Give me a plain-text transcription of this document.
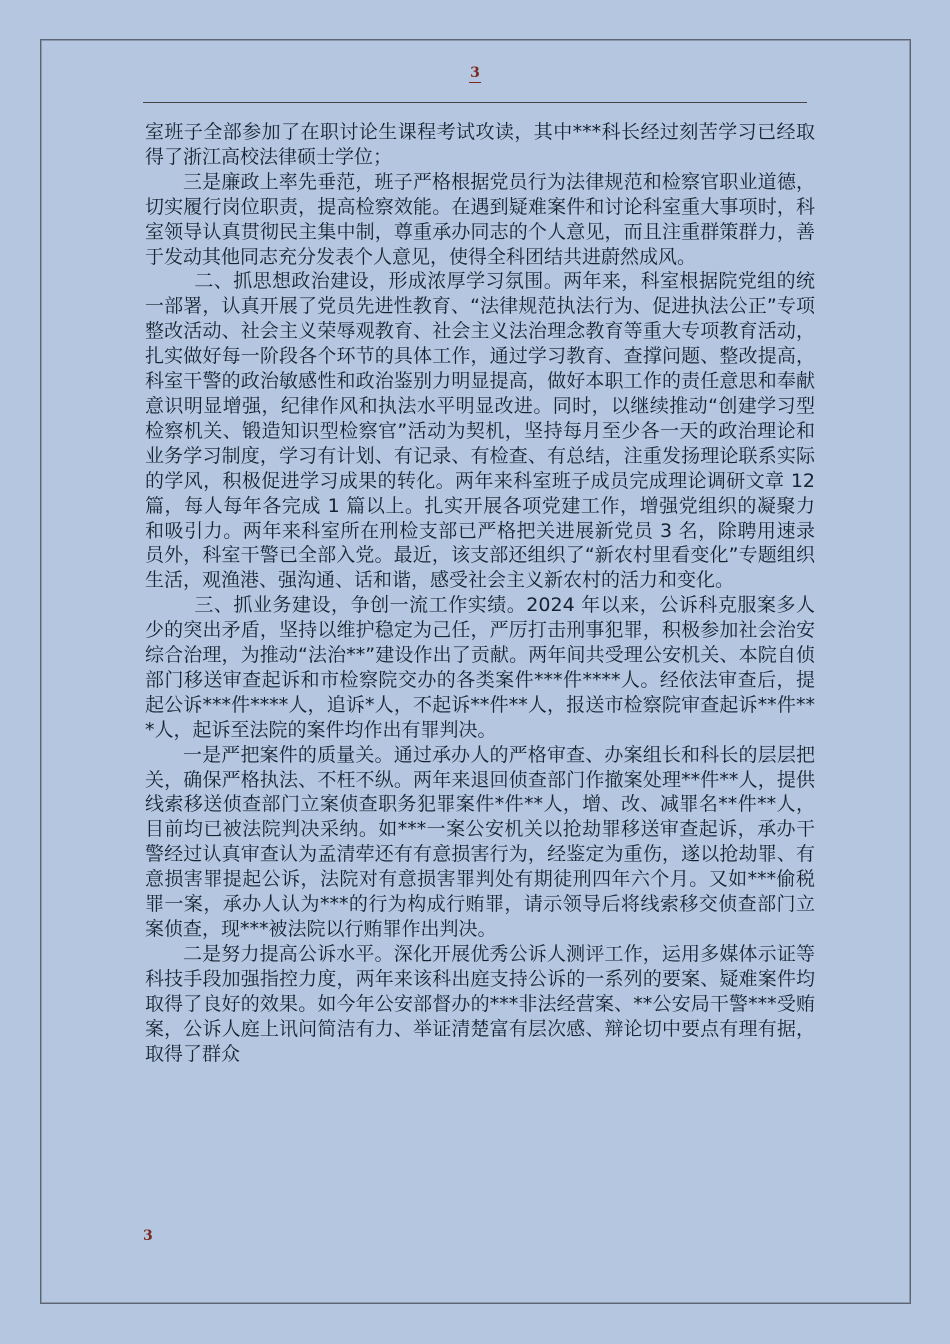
3

室班子全部参加了在职讨论生课程考试攻读，其中***科长经过刻苦学习已经取得了浙江高校法律硕士学位；

三是廉政上率先垂范，班子严格根据党员行为法律规范和检察官职业道德，切实履行岗位职责，提高检察效能。在遇到疑难案件和讨论科室重大事项时，科室领导认真贯彻民主集中制，尊重承办同志的个人意见，而且注重群策群力，善于发动其他同志充分发表个人意见，使得全科团结共进蔚然成风。

二、抓思想政治建设，形成浓厚学习氛围。两年来，科室根据院党组的统一部署，认真开展了党员先进性教育、“法律规范执法行为、促进执法公正”专项整改活动、社会主义荣辱观教育、社会主义法治理念教育等重大专项教育活动，扎实做好每一阶段各个环节的具体工作，通过学习教育、查撑问题、整改提高，科室干警的政治敏感性和政治鉴别力明显提高，做好本职工作的责任意思和奉献意识明显增强，纪律作风和执法水平明显改进。同时，以继续推动“创建学习型检察机关、锻造知识型检察官”活动为契机，坚持每月至少各一天的政治理论和业务学习制度，学习有计划、有记录、有检查、有总结，注重发扬理论联系实际的学风，积极促进学习成果的转化。两年来科室班子成员完成理论调研文章 12 篇，每人每年各完成 1 篇以上。扎实开展各项党建工作，增强党组织的凝聚力和吸引力。两年来科室所在刑检支部已严格把关进展新党员 3 名，除聘用速录员外，科室干警已全部入党。最近，该支部还组织了“新农村里看变化”专题组织生活，观渔港、强沟通、话和谐，感受社会主义新农村的活力和变化。

三、抓业务建设，争创一流工作实绩。2024 年以来，公诉科克服案多人少的突出矛盾，坚持以维护稳定为己任，严厉打击刑事犯罪，积极参加社会治安综合治理，为推动“法治**”建设作出了贡献。两年间共受理公安机关、本院自侦部门移送审查起诉和市检察院交办的各类案件***件****人。经依法审查后，提起公诉***件****人，追诉*人，不起诉**件**人，报送市检察院审查起诉**件***人，起诉至法院的案件均作出有罪判决。

一是严把案件的质量关。通过承办人的严格审查、办案组长和科长的层层把关，确保严格执法、不枉不纵。两年来退回侦查部门作撤案处理**件**人，提供线索移送侦查部门立案侦查职务犯罪案件*件**人，增、改、减罪名**件**人，目前均已被法院判决采纳。如***一案公安机关以抢劫罪移送审查起诉，承办干警经过认真审查认为孟清荦还有有意损害行为，经鉴定为重伤，遂以抢劫罪、有意损害罪提起公诉，法院对有意损害罪判处有期徒刑四年六个月。又如***偷税罪一案，承办人认为***的行为构成行贿罪，请示领导后将线索移交侦查部门立案侦查，现***被法院以行贿罪作出判决。

二是努力提高公诉水平。深化开展优秀公诉人测评工作，运用多媒体示证等科技手段加强指控力度，两年来该科出庭支持公诉的一系列的要案、疑难案件均取得了良好的效果。如今年公安部督办的***非法经营案、**公安局干警***受贿案，公诉人庭上讯问简洁有力、举证清楚富有层次感、辩论切中要点有理有据，取得了群众

3
